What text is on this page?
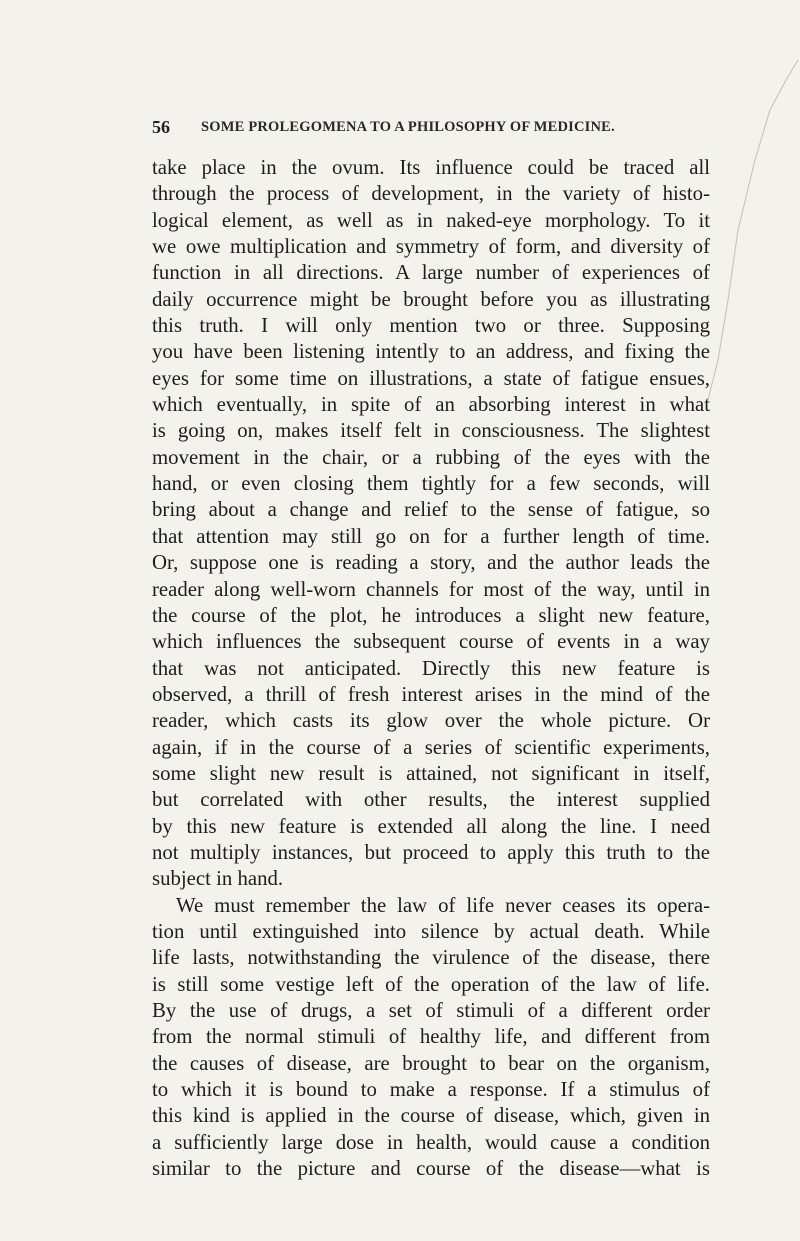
56 SOME PROLEGOMENA TO A PHILOSOPHY OF MEDICINE.
take place in the ovum. Its influence could be traced all
through the process of development, in the variety of histo-
logical element, as well as in naked-eye morphology. To it
we owe multiplication and symmetry of form, and diversity of
function in all directions. A large number of experiences of
daily occurrence might be brought before you as illustrating
this truth. I will only mention two or three. Supposing
you have been listening intently to an address, and fixing the
eyes for some time on illustrations, a state of fatigue ensues,
which eventually, in spite of an absorbing interest in what
is going on, makes itself felt in consciousness. The slightest
movement in the chair, or a rubbing of the eyes with the
hand, or even closing them tightly for a few seconds, will
bring about a change and relief to the sense of fatigue, so
that attention may still go on for a further length of time.
Or, suppose one is reading a story, and the author leads the
reader along well-worn channels for most of the way, until in
the course of the plot, he introduces a slight new feature,
which influences the subsequent course of events in a way
that was not anticipated. Directly this new feature is
observed, a thrill of fresh interest arises in the mind of the
reader, which casts its glow over the whole picture. Or
again, if in the course of a series of scientific experiments,
some slight new result is attained, not significant in itself,
but correlated with other results, the interest supplied
by this new feature is extended all along the line. I need
not multiply instances, but proceed to apply this truth to the
subject in hand.
We must remember the law of life never ceases its opera-
tion until extinguished into silence by actual death. While
life lasts, notwithstanding the virulence of the disease, there
is still some vestige left of the operation of the law of life.
By the use of drugs, a set of stimuli of a different order
from the normal stimuli of healthy life, and different from
the causes of disease, are brought to bear on the organism,
to which it is bound to make a response. If a stimulus of
this kind is applied in the course of disease, which, given in
a sufficiently large dose in health, would cause a condition
similar to the picture and course of the disease—what is
